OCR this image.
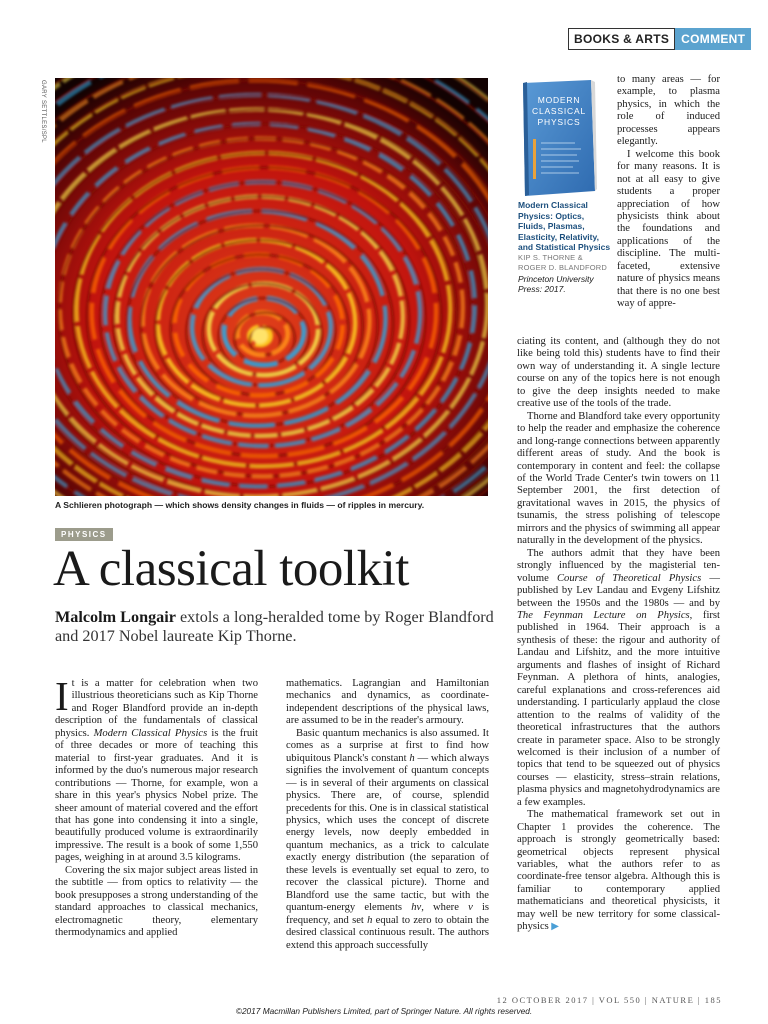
BOOKS & ARTS	COMMENT
GARY SETTLES/SPL
A Schlieren photograph — which shows density changes in fluids — of ripples in mercury.
PHYSICS
A classical toolkit
Malcolm Longair extols a long-heralded tome by Roger Blandford and 2017 Nobel laureate Kip Thorne.
MODERN
CLASSICAL
PHYSICS
Modern Classical Physics: Optics, Fluids, Plasmas, Elasticity, Relativity, and Statistical Physics
KIP S. THORNE & ROGER D. BLANDFORD
Princeton University Press: 2017.

It is a matter for celebration when two illustrious theoreticians such as Kip Thorne and Roger Blandford provide an in-depth description of the fundamentals of classical physics. Modern Classical Physics is the fruit of three decades or more of teaching this material to first-year graduates. And it is informed by the duo's numerous major research contributions — Thorne, for example, won a share in this year's physics Nobel prize. The sheer amount of material covered and the effort that has gone into condensing it into a single, beautifully produced volume is extraordinarily impressive. The result is a book of some 1,550 pages, weighing in at around 3.5 kilograms.

Covering the six major subject areas listed in the subtitle — from optics to relativity — the book presupposes a strong understanding of the standard approaches to classical mechanics, electromagnetic theory, elementary thermodynamics and applied

mathematics. Lagrangian and Hamiltonian mechanics and dynamics, as coordinate-independent descriptions of the physical laws, are assumed to be in the reader's armoury.

Basic quantum mechanics is also assumed. It comes as a surprise at first to find how ubiquitous Planck's constant h — which always signifies the involvement of quantum concepts — is in several of their arguments on classical physics. There are, of course, splendid precedents for this. One is in classical statistical physics, which uses the concept of discrete energy levels, now deeply embedded in quantum mechanics, as a trick to calculate exactly energy distribution (the separation of these levels is eventually set equal to zero, to recover the classical picture). Thorne and Blandford use the same tactic, but with the quantum-energy elements hν, where ν is frequency, and set h equal to zero to obtain the desired classical continuous result. The authors extend this approach successfully

to many areas — for example, to plasma physics, in which the role of induced processes appears elegantly.

I welcome this book for many reasons. It is not at all easy to give students a proper appreciation of how physicists think about the foundations and applications of the discipline. The multi-faceted, extensive nature of physics means that there is no one best way of appre-

ciating its content, and (although they do not like being told this) students have to find their own way of understanding it. A single lecture course on any of the topics here is not enough to give the deep insights needed to make creative use of the tools of the trade.

Thorne and Blandford take every opportunity to help the reader and emphasize the coherence and long-range connections between apparently different areas of study. And the book is contemporary in content and feel: the collapse of the World Trade Center's twin towers on 11 September 2001, the first detection of gravitational waves in 2015, the physics of tsunamis, the stress polishing of telescope mirrors and the physics of swimming all appear naturally in the development of the physics.

The authors admit that they have been strongly influenced by the magisterial ten-volume Course of Theoretical Physics — published by Lev Landau and Evgeny Lifshitz between the 1950s and the 1980s — and by The Feynman Lecture on Physics, first published in 1964. Their approach is a synthesis of these: the rigour and authority of Landau and Lifshitz, and the more intuitive arguments and flashes of insight of Richard Feynman. A plethora of hints, analogies, careful explanations and cross-references aid understanding. I particularly applaud the close attention to the realms of validity of the theoretical infrastructures that the authors create in parameter space. Also to be strongly welcomed is their inclusion of a number of topics that tend to be squeezed out of physics courses — elasticity, stress–strain relations, plasma physics and magnetohydrodynamics are a few examples.

The mathematical framework set out in Chapter 1 provides the coherence. The approach is strongly geometrically based: geometrical objects represent physical variables, what the authors refer to as coordinate-free tensor algebra. Although this is familiar to contemporary applied mathematicians and theoretical physicists, it may well be new territory for some classical-physics ▶

12 OCTOBER 2017 | VOL 550 | NATURE | 185
©2017 Macmillan Publishers Limited, part of Springer Nature. All rights reserved.
